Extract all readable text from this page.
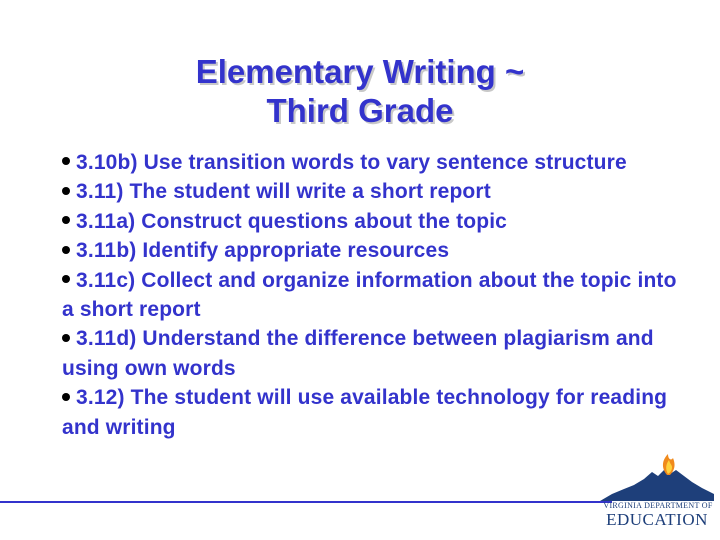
Elementary Writing ~
Third Grade
3.10b) Use transition words to vary sentence structure
3.11) The student will write a short report
3.11a) Construct questions about the topic
3.11b) Identify appropriate resources
3.11c) Collect and organize information about the topic into a short report
3.11d) Understand the difference between plagiarism and using own words
3.12) The student will use available technology for reading and writing
VIRGINIA DEPARTMENT OF
EDUCATION
